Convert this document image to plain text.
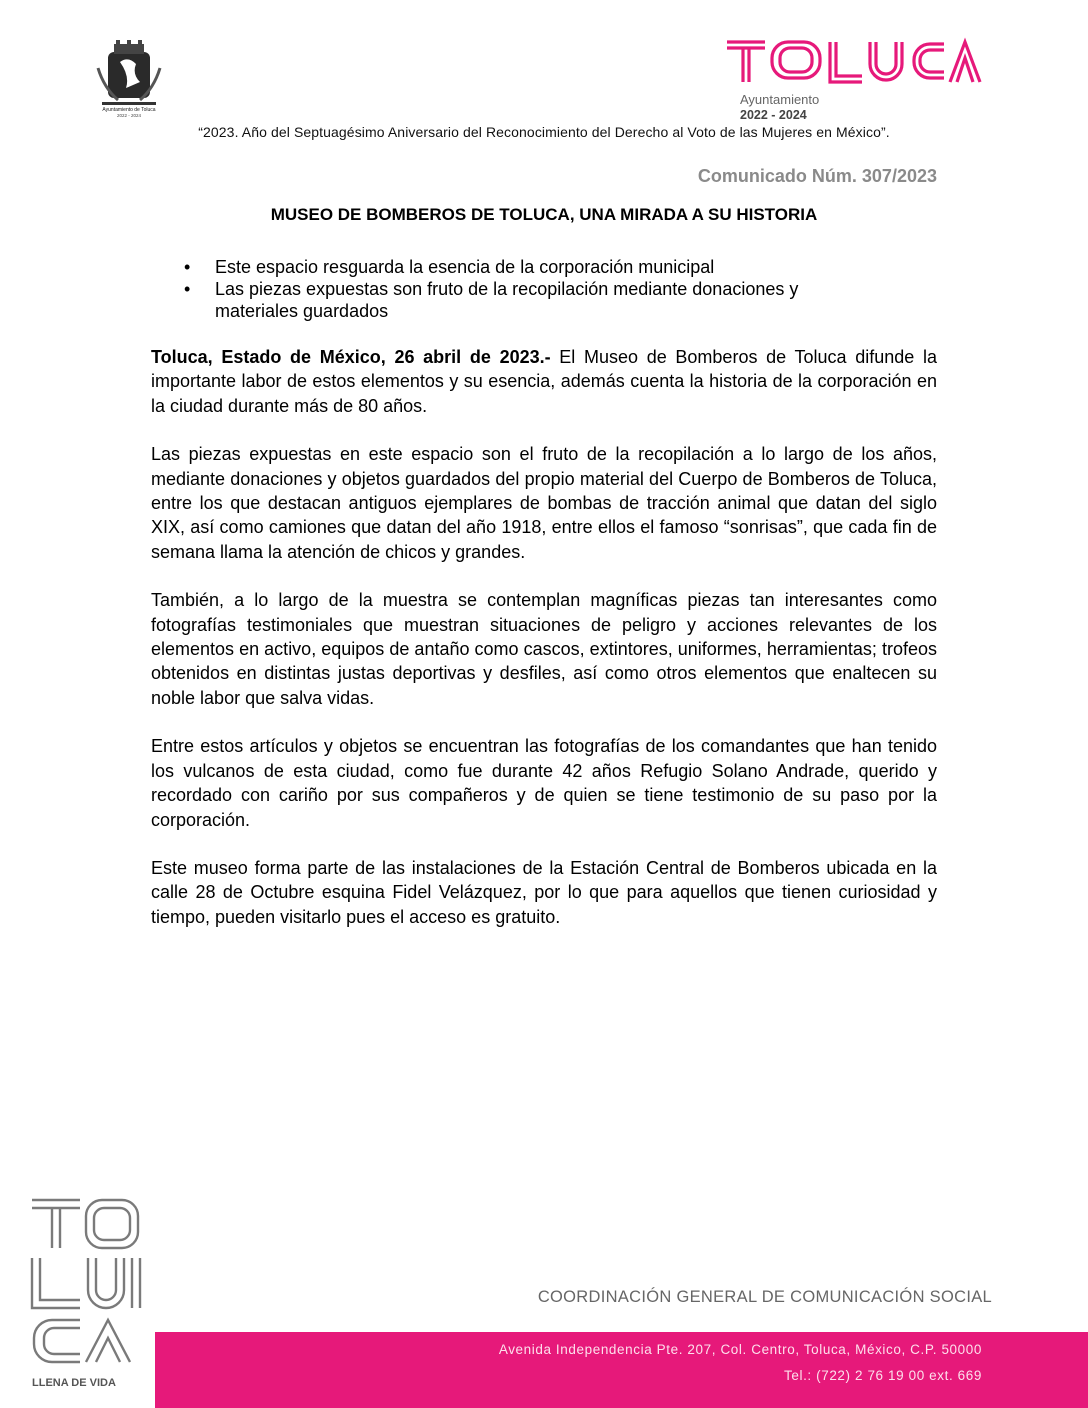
Ayuntamiento de Toluca
2022 - 2024
Ayuntamiento
2022 - 2024
“2023. Año del Septuagésimo Aniversario del Reconocimiento del Derecho al Voto de las Mujeres en México”.
Comunicado Núm. 307/2023
MUSEO DE BOMBEROS DE TOLUCA, UNA MIRADA A SU HISTORIA
• Este espacio resguarda la esencia de la corporación municipal
• Las piezas expuestas son fruto de la recopilación mediante donaciones y materiales guardados

Toluca, Estado de México, 26 abril de 2023.- El Museo de Bomberos de Toluca difunde la importante labor de estos elementos y su esencia, además cuenta la historia de la corporación en la ciudad durante más de 80 años.

Las piezas expuestas en este espacio son el fruto de la recopilación a lo largo de los años, mediante donaciones y objetos guardados del propio material del Cuerpo de Bomberos de Toluca, entre los que destacan antiguos ejemplares de bombas de tracción animal que datan del siglo XIX, así como camiones que datan del año 1918, entre ellos el famoso “sonrisas”, que cada fin de semana llama la atención de chicos y grandes.

También, a lo largo de la muestra se contemplan magníficas piezas tan interesantes como fotografías testimoniales que muestran situaciones de peligro y acciones relevantes de los elementos en activo, equipos de antaño como cascos, extintores, uniformes, herramientas; trofeos obtenidos en distintas justas deportivas y desfiles, así como otros elementos que enaltecen su noble labor que salva vidas.

Entre estos artículos y objetos se encuentran las fotografías de los comandantes que han tenido los vulcanos de esta ciudad, como fue durante 42 años Refugio Solano Andrade, querido y recordado con cariño por sus compañeros y de quien se tiene testimonio de su paso por la corporación.

Este museo forma parte de las instalaciones de la Estación Central de Bomberos ubicada en la calle 28 de Octubre esquina Fidel Velázquez, por lo que para aquellos que tienen curiosidad y tiempo, pueden visitarlo pues el acceso es gratuito.

LLENA DE VIDA
COORDINACIÓN GENERAL DE COMUNICACIÓN SOCIAL
Avenida Independencia Pte. 207, Col. Centro, Toluca, México, C.P. 50000
Tel.: (722) 2 76 19 00 ext. 669
